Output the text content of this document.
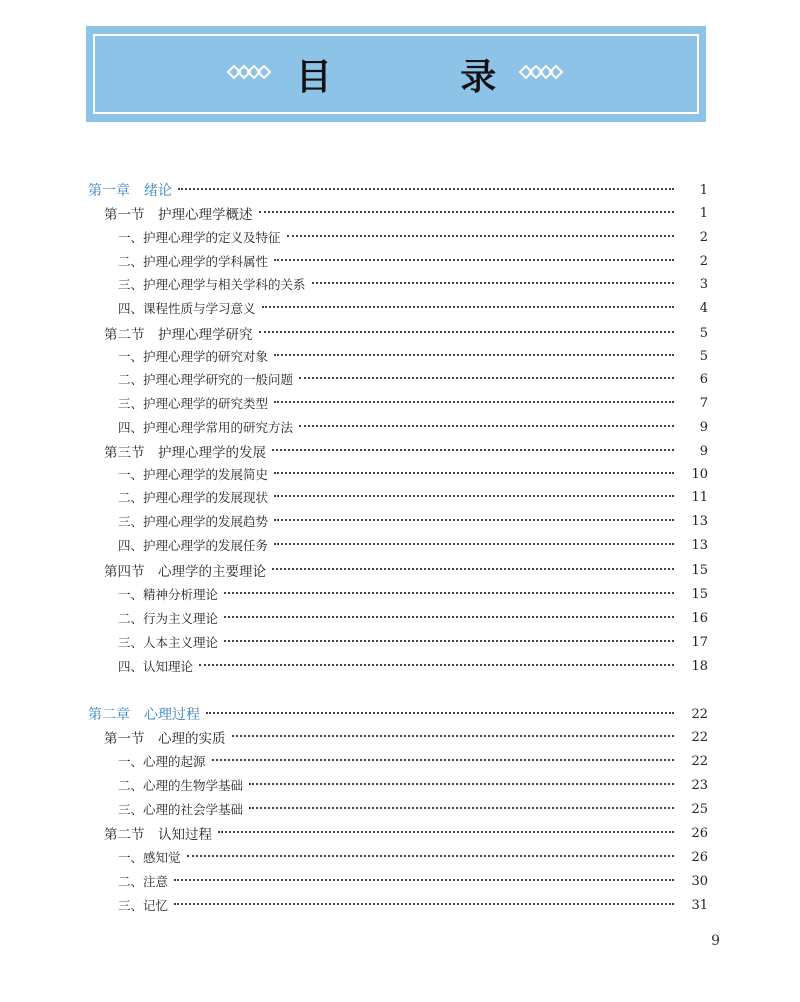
目 录
第一章　绪论	1
第一节　护理心理学概述	1
一、护理心理学的定义及特征	2
二、护理心理学的学科属性	2
三、护理心理学与相关学科的关系	3
四、课程性质与学习意义	4
第二节　护理心理学研究	5
一、护理心理学的研究对象	5
二、护理心理学研究的一般问题	6
三、护理心理学的研究类型	7
四、护理心理学常用的研究方法	9
第三节　护理心理学的发展	9
一、护理心理学的发展简史	10
二、护理心理学的发展现状	11
三、护理心理学的发展趋势	13
四、护理心理学的发展任务	13
第四节　心理学的主要理论	15
一、精神分析理论	15
二、行为主义理论	16
三、人本主义理论	17
四、认知理论	18
第二章　心理过程	22
第一节　心理的实质	22
一、心理的起源	22
二、心理的生物学基础	23
三、心理的社会学基础	25
第二节　认知过程	26
一、感知觉	26
二、注意	30
三、记忆	31
9
